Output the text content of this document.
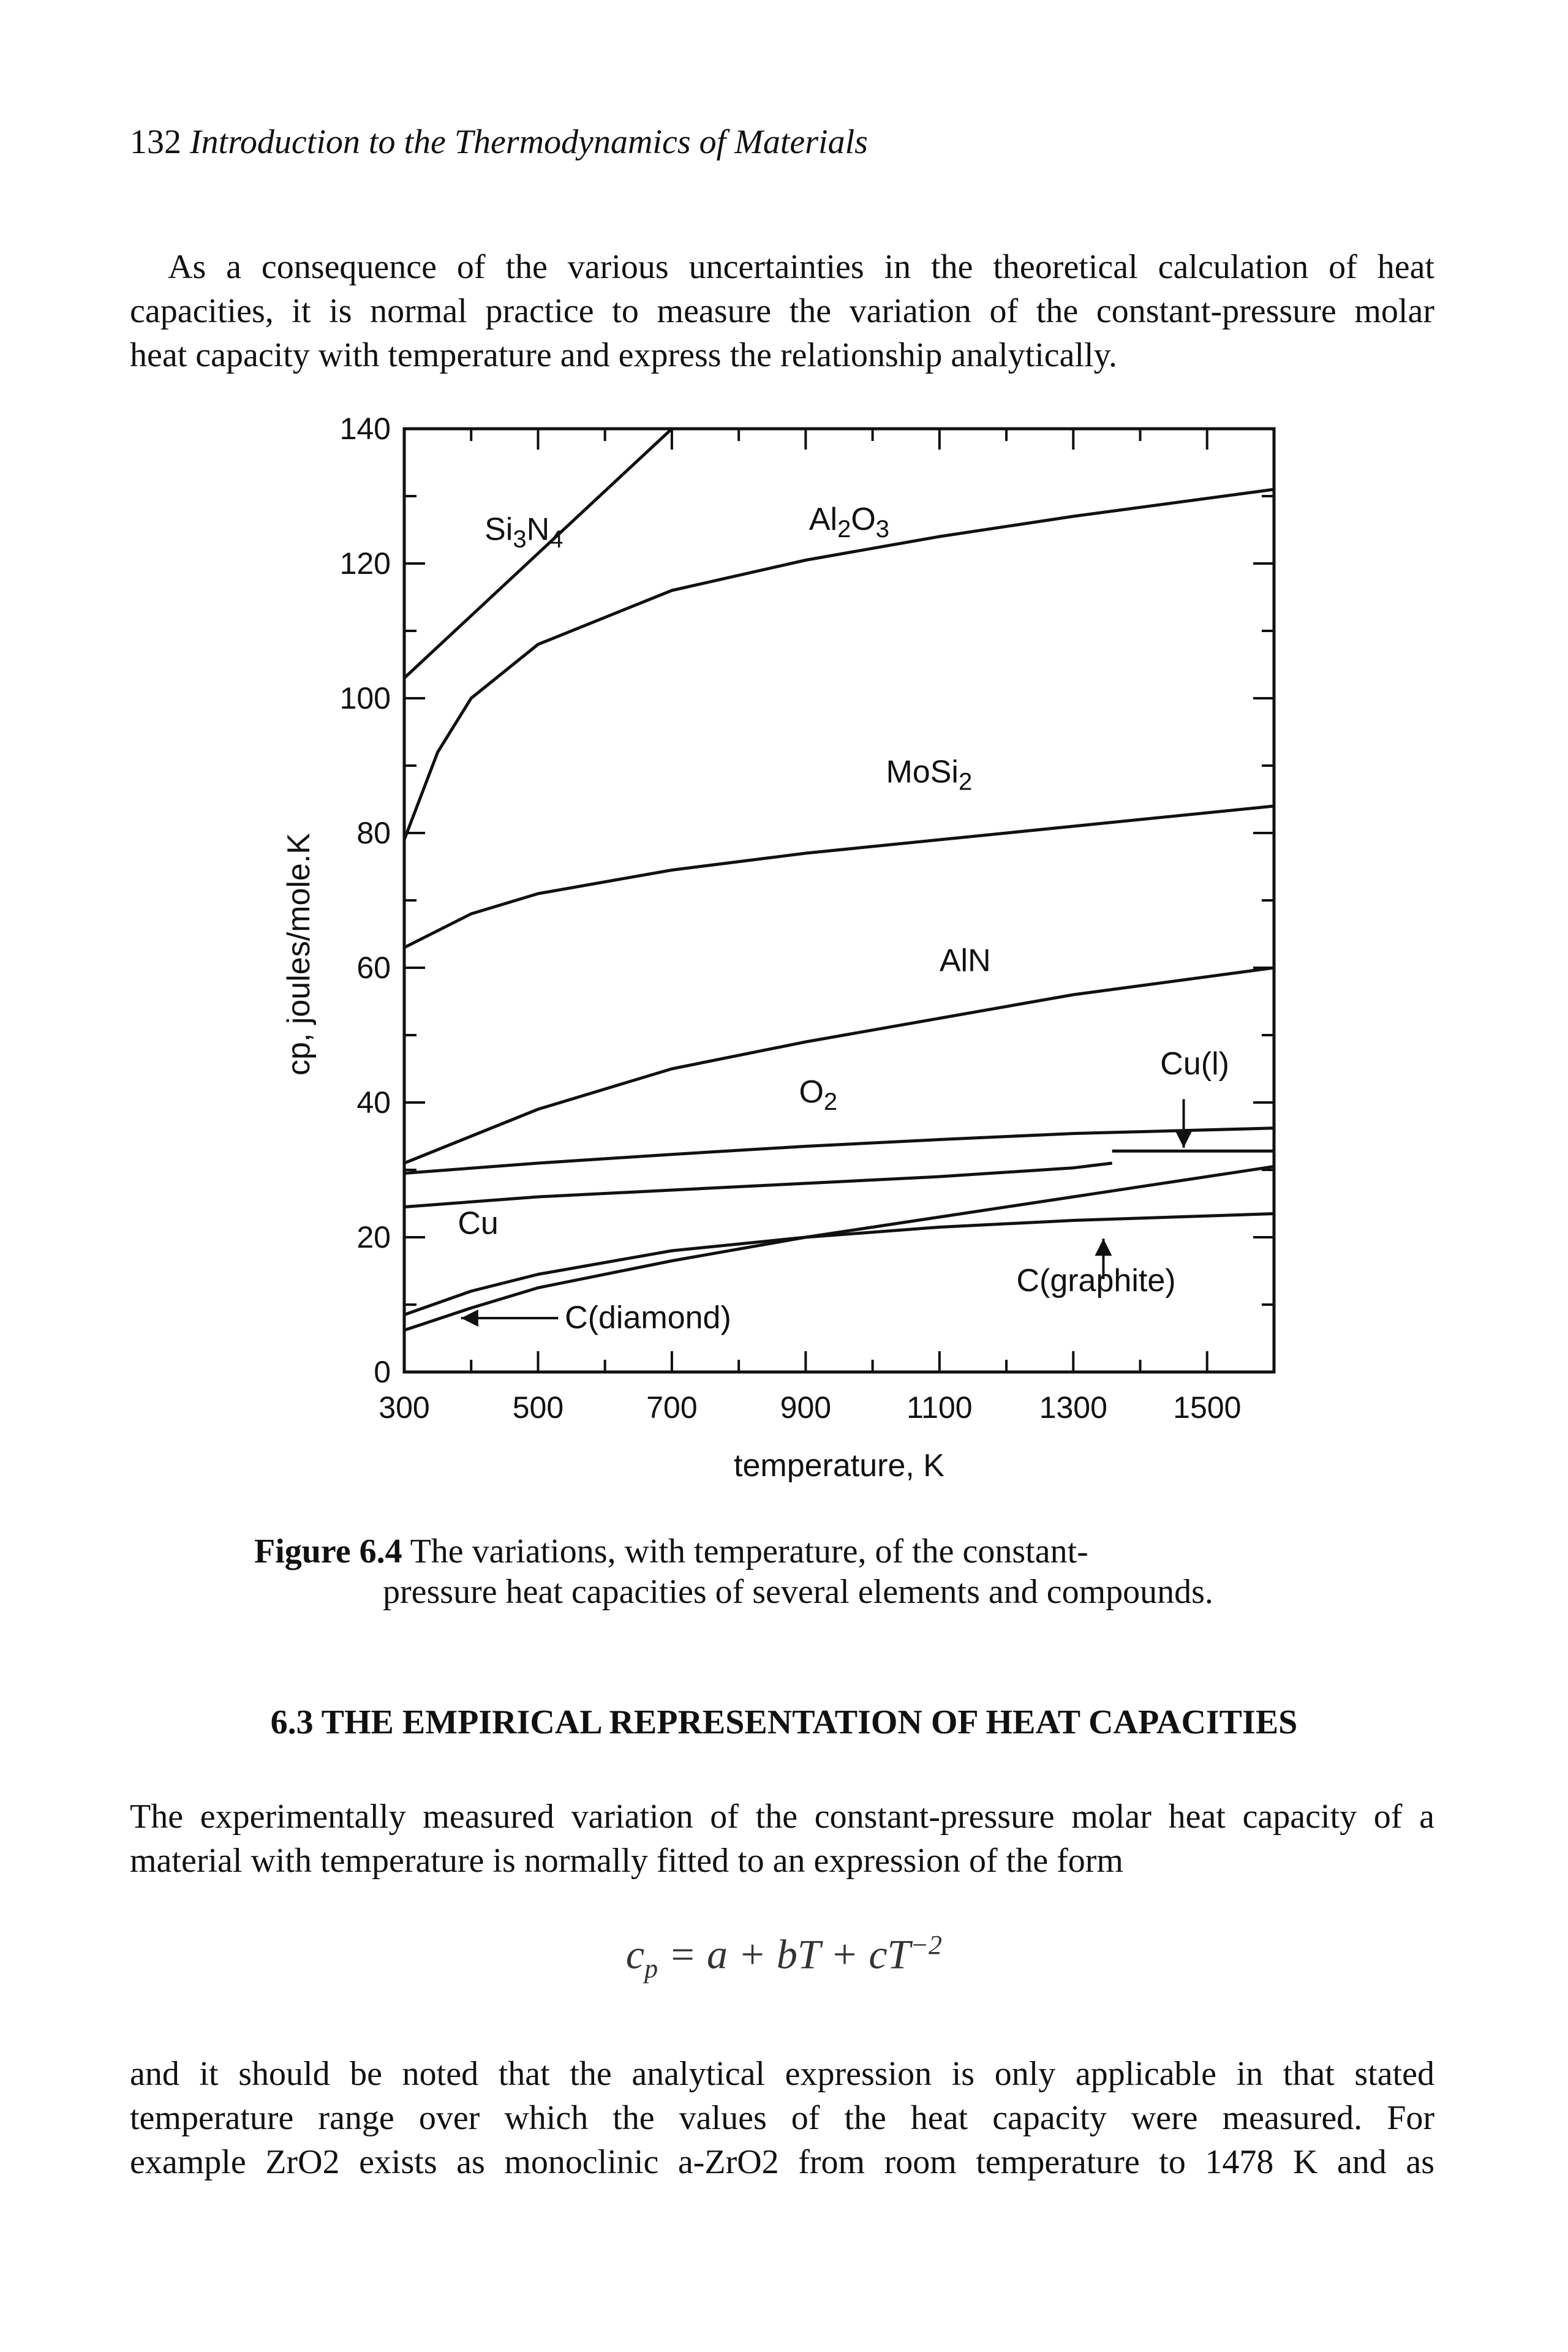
132 Introduction to the Thermodynamics of Materials
As a consequence of the various uncertainties in the theoretical calculation of heat
capacities, it is normal practice to measure the variation of the constant-pressure molar
heat capacity with temperature and express the relationship analytically.
300	500	700	900 1100 1300 1500
0
20
40
60
80
100
120
140
$Si_3N_4$
$Al_2O_3$
MoSi$_2$
AlN
$O_2$
Cu(l)
Cu
C(graphite)
C(diamond)
temperature, K
cp, joules/mole.K
Figure 6.4 The variations, with temperature, of the constant-
pressure heat capacities of several elements and compounds.
6.3 THE EMPIRICAL REPRESENTATION OF HEAT CAPACITIES
The experimentally measured variation of the constant-pressure molar heat capacity of a
material with temperature is normally fitted to an expression of the form
$c_p = a$ + bT + $cT^{-2}$
and it should be noted that the analytical expression is only applicable in that stated
temperature range over which the values of the heat capacity were measured. For
example ZrO2 exists as monoclinic a-ZrO2 from room temperature to 1478 K and as
